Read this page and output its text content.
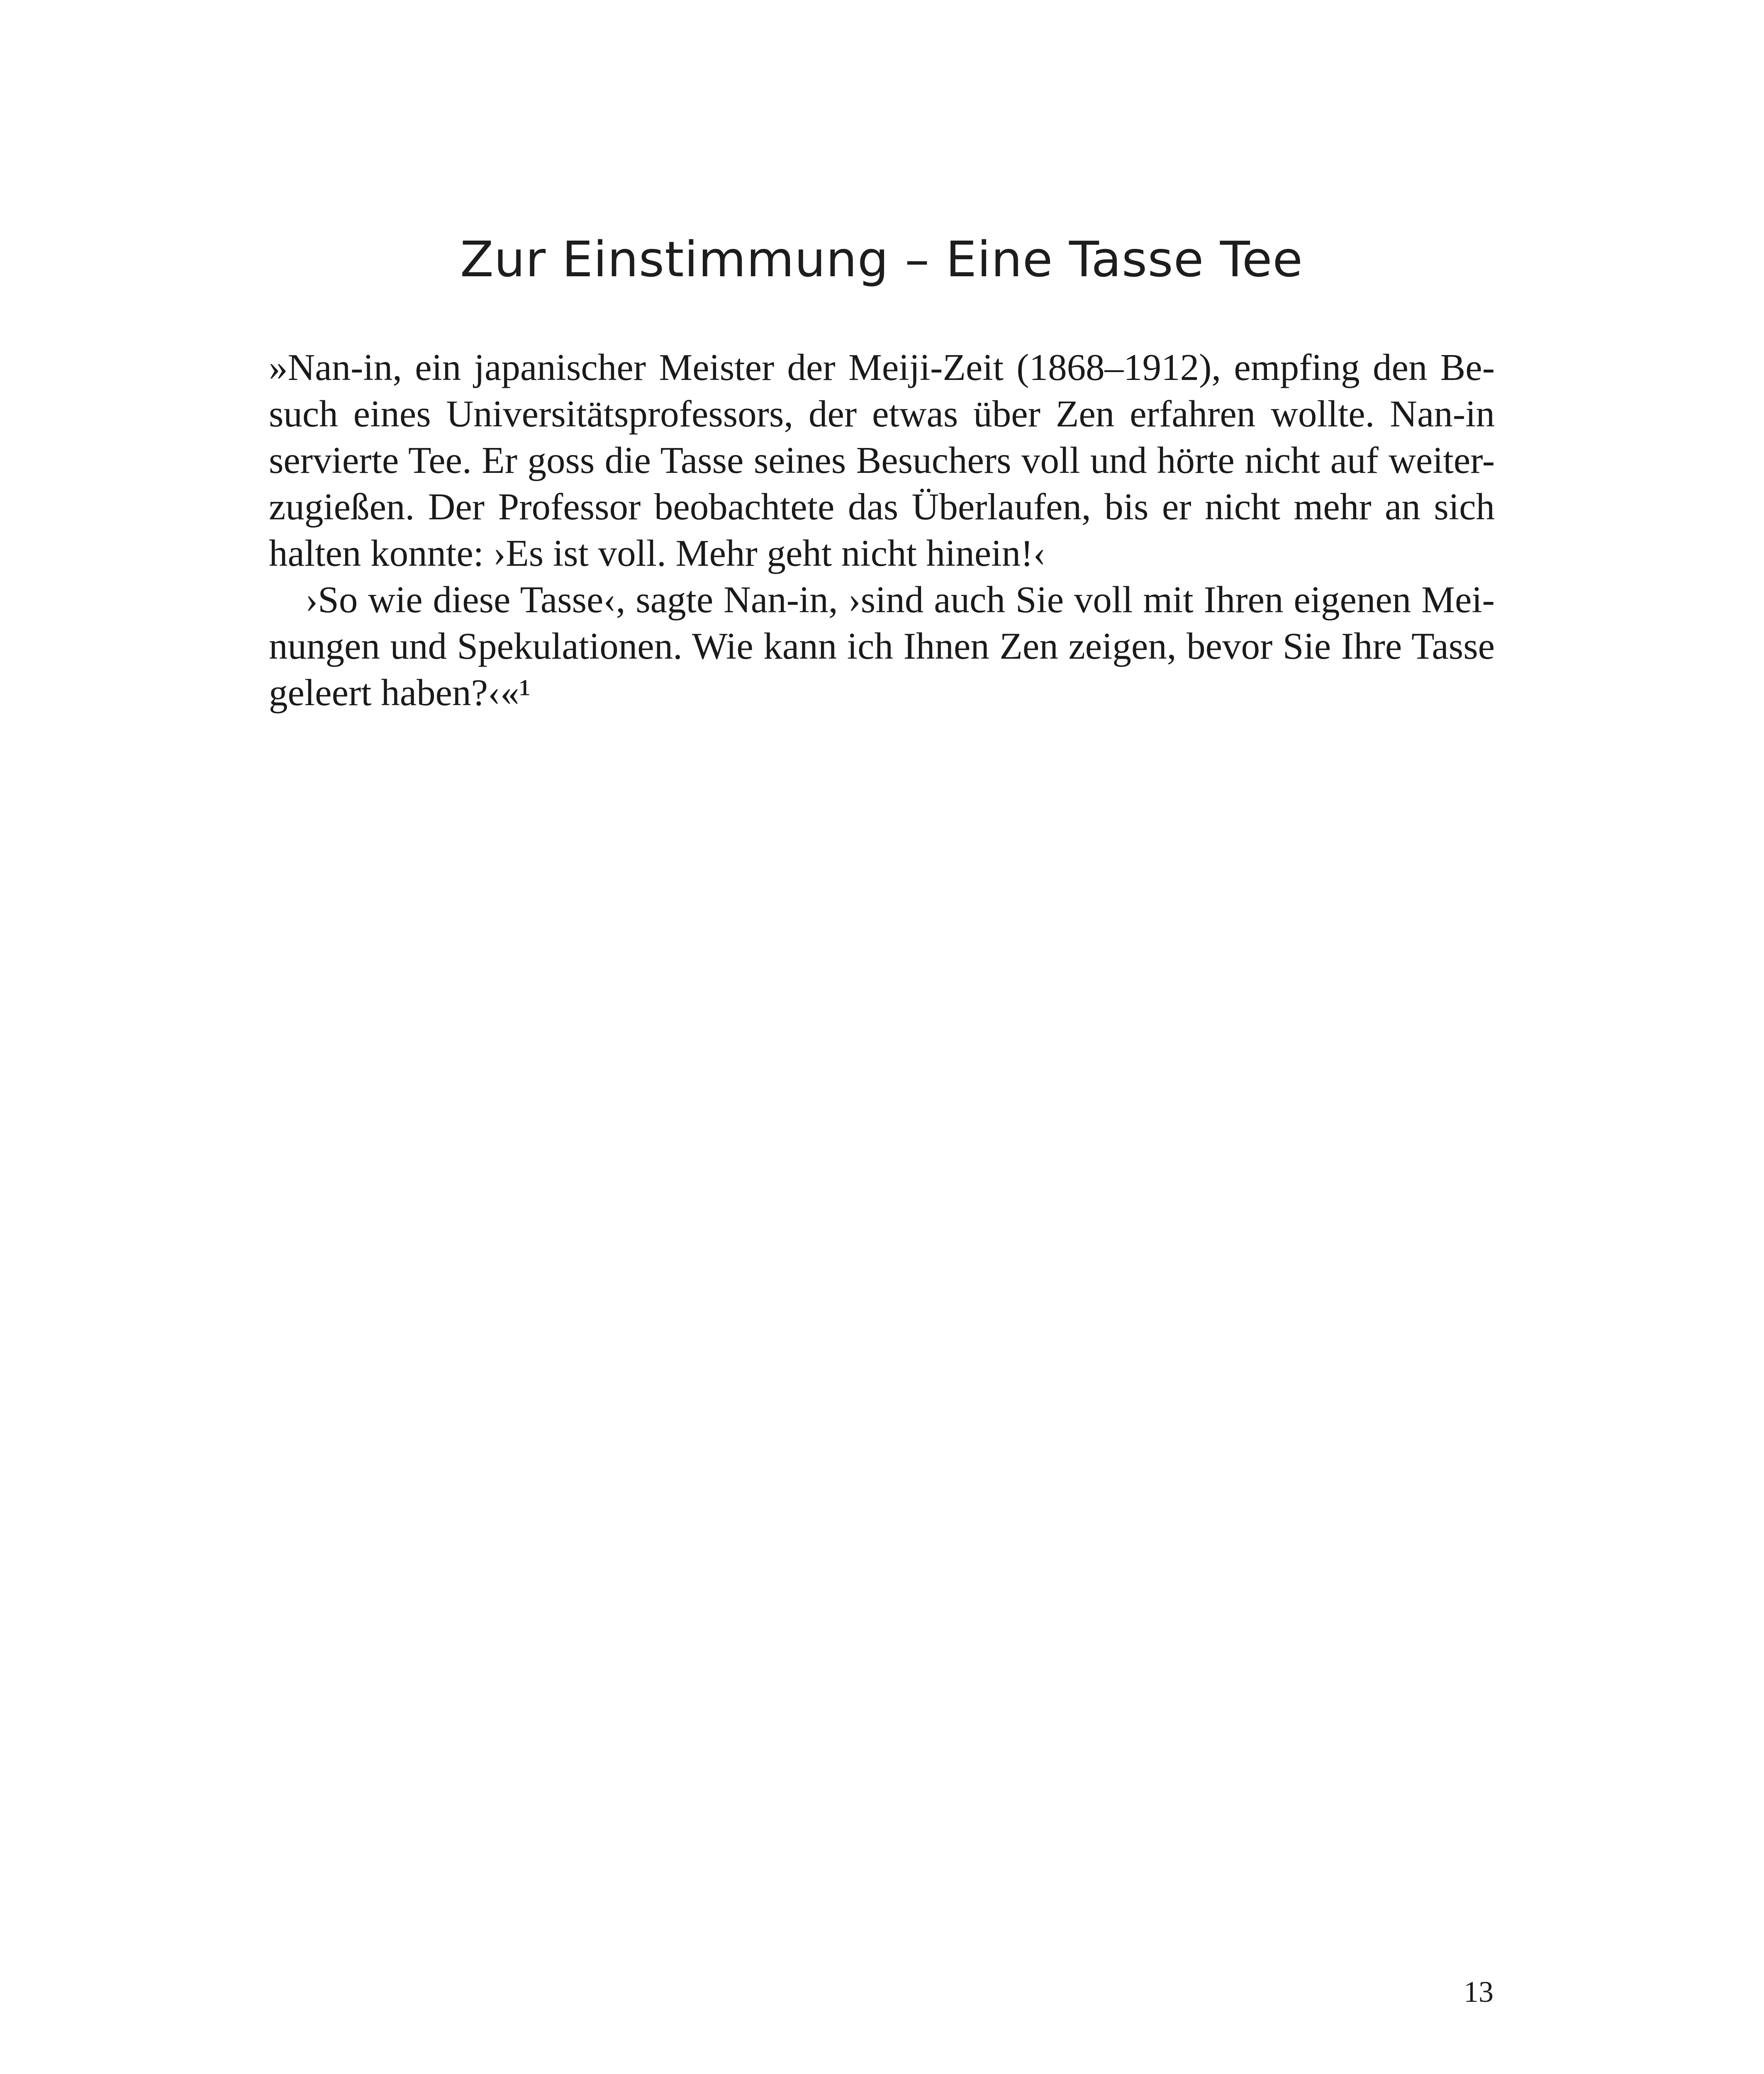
Zur Einstimmung – Eine Tasse Tee
»Nan-in, ein japanischer Meister der Meiji-Zeit (1868–1912), empfing den Be-
such eines Universitätsprofessors, der etwas über Zen erfahren wollte. Nan-in
servierte Tee. Er goss die Tasse seines Besuchers voll und hörte nicht auf weiter-
zugießen. Der Professor beobachtete das Überlaufen, bis er nicht mehr an sich
halten konnte: ›Es ist voll. Mehr geht nicht hinein!‹
›So wie diese Tasse‹, sagte Nan-in, ›sind auch Sie voll mit Ihren eigenen Mei-
nungen und Spekulationen. Wie kann ich Ihnen Zen zeigen, bevor Sie Ihre Tasse
geleert haben?‹«¹
13
